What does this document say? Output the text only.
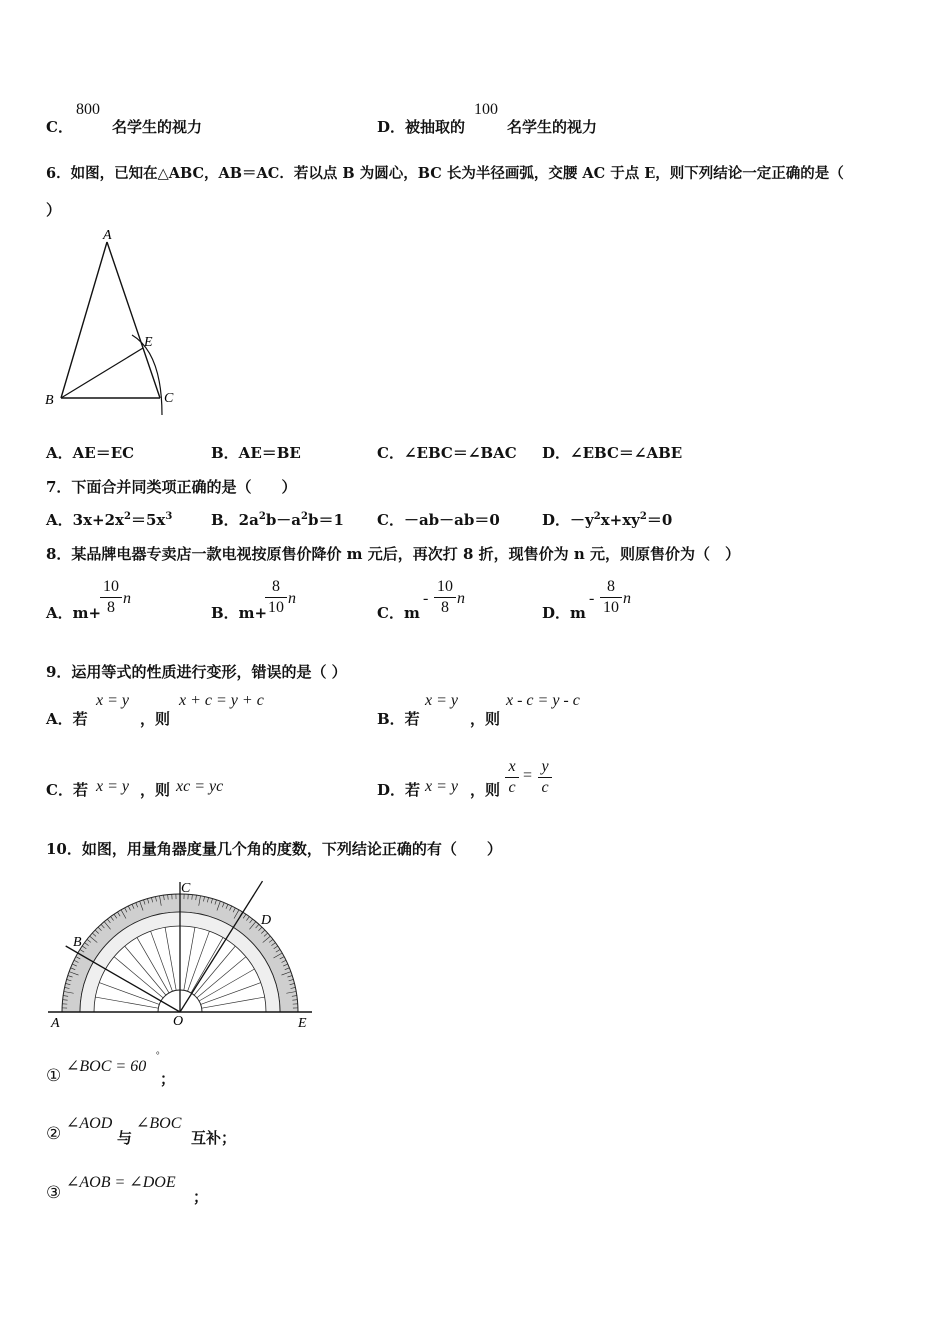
C．
800
名学生的视力	D．被抽取的
100
名学生的视力
6．如图，已知在△ABC，AB＝AC．若以点 B 为圆心，BC 长为半径画弧，交腰 AC 于点 E，则下列结论一定正确的是（
）
A
B	C
E
A．AE＝EC	B．AE＝BE	C．∠EBC＝∠BAC D．∠EBC＝∠ABE
7．下面合并同类项正确的是（　　）
A．$3x+2x^2=5x^3$	B．$2a^2b-a^2b=1$ C．－ab－ab＝0	D．$-y^2x+xy^2=0$
8．某品牌电器专卖店一款电视按原售价降价 m 元后，再次打 8 折，现售价为 n 元，则原售价为（　）
A．m+
10
8
n
B．m+
8
10
n
C．m
-
10
8
n
D．m
-
8
10
n
9．运用等式的性质进行变形，错误的是（ ）
A．若
x = y
，则
x + c = y + c
B．若
x = y
，则
x - c = y - c
C．若 x = y ，则 xc = yc	D．若 x = y ，则
x
c
=
y
c
10．如图，用量角器度量几个角的度数，下列结论正确的有（　　）
A
B
C
D
E
O
① ∠BOC = 60
°
；
②
∠AOD
与
∠BOC
互补；
③
∠AOB = ∠DOE
；
